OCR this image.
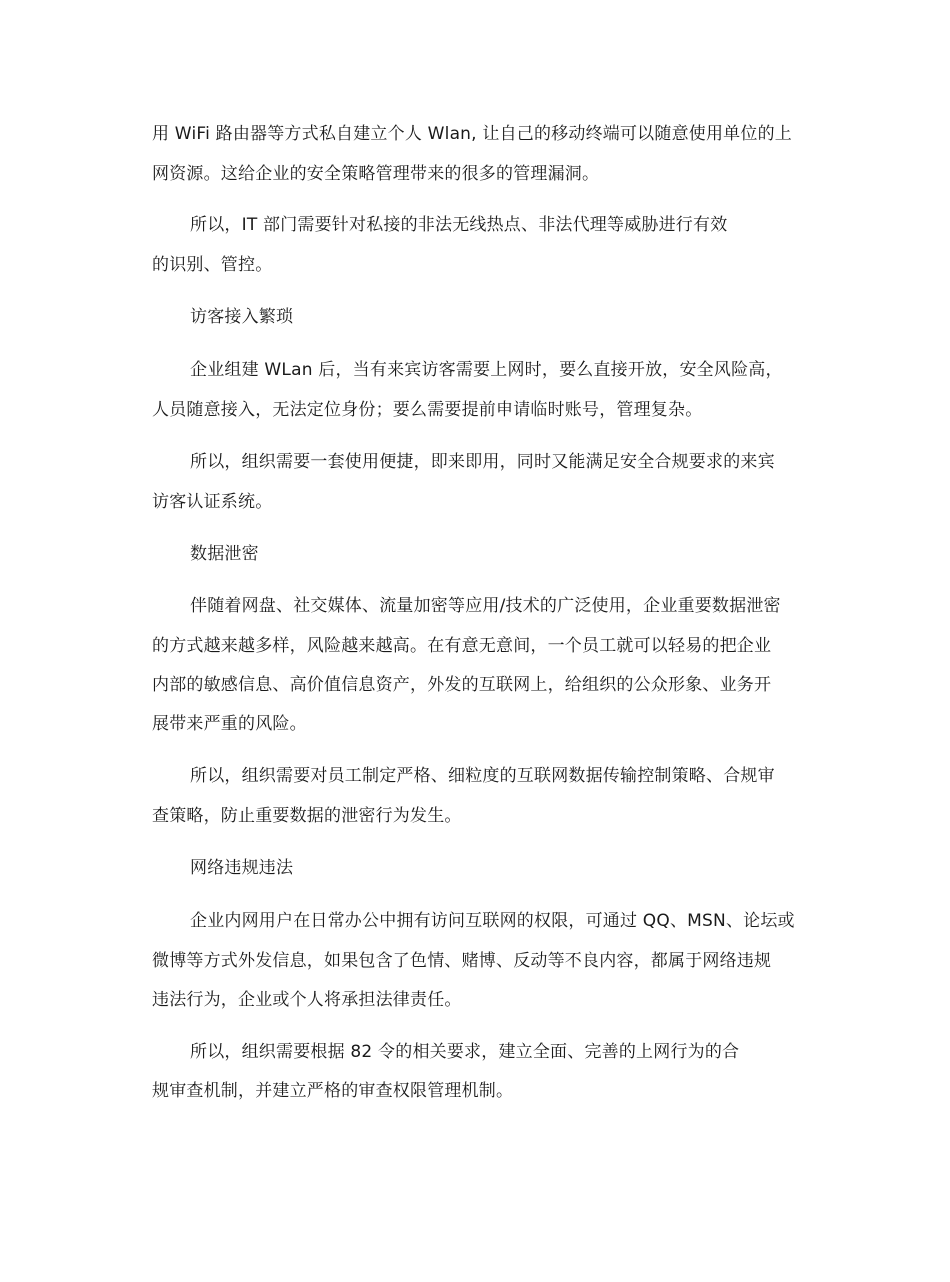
用 WiFi 路由器等方式私自建立个人 Wlan, 让自己的移动终端可以随意使用单位的上
网资源。这给企业的安全策略管理带来的很多的管理漏洞。
所以，IT 部门需要针对私接的非法无线热点、非法代理等威胁进行有效
的识别、管控。
访客接入繁琐
企业组建 WLan 后，当有来宾访客需要上网时，要么直接开放，安全风险高，
人员随意接入，无法定位身份；要么需要提前申请临时账号，管理复杂。
所以，组织需要一套使用便捷，即来即用，同时又能满足安全合规要求的来宾
访客认证系统。
数据泄密
伴随着网盘、社交媒体、流量加密等应用/技术的广泛使用，企业重要数据泄密
的方式越来越多样，风险越来越高。在有意无意间，一个员工就可以轻易的把企业
内部的敏感信息、高价值信息资产，外发的互联网上，给组织的公众形象、业务开
展带来严重的风险。
所以，组织需要对员工制定严格、细粒度的互联网数据传输控制策略、合规审
查策略，防止重要数据的泄密行为发生。
网络违规违法
企业内网用户在日常办公中拥有访问互联网的权限，可通过 QQ、MSN、论坛或
微博等方式外发信息，如果包含了色情、赌博、反动等不良内容，都属于网络违规
违法行为，企业或个人将承担法律责任。
所以，组织需要根据 82 令的相关要求，建立全面、完善的上网行为的合
规审查机制，并建立严格的审查权限管理机制。
